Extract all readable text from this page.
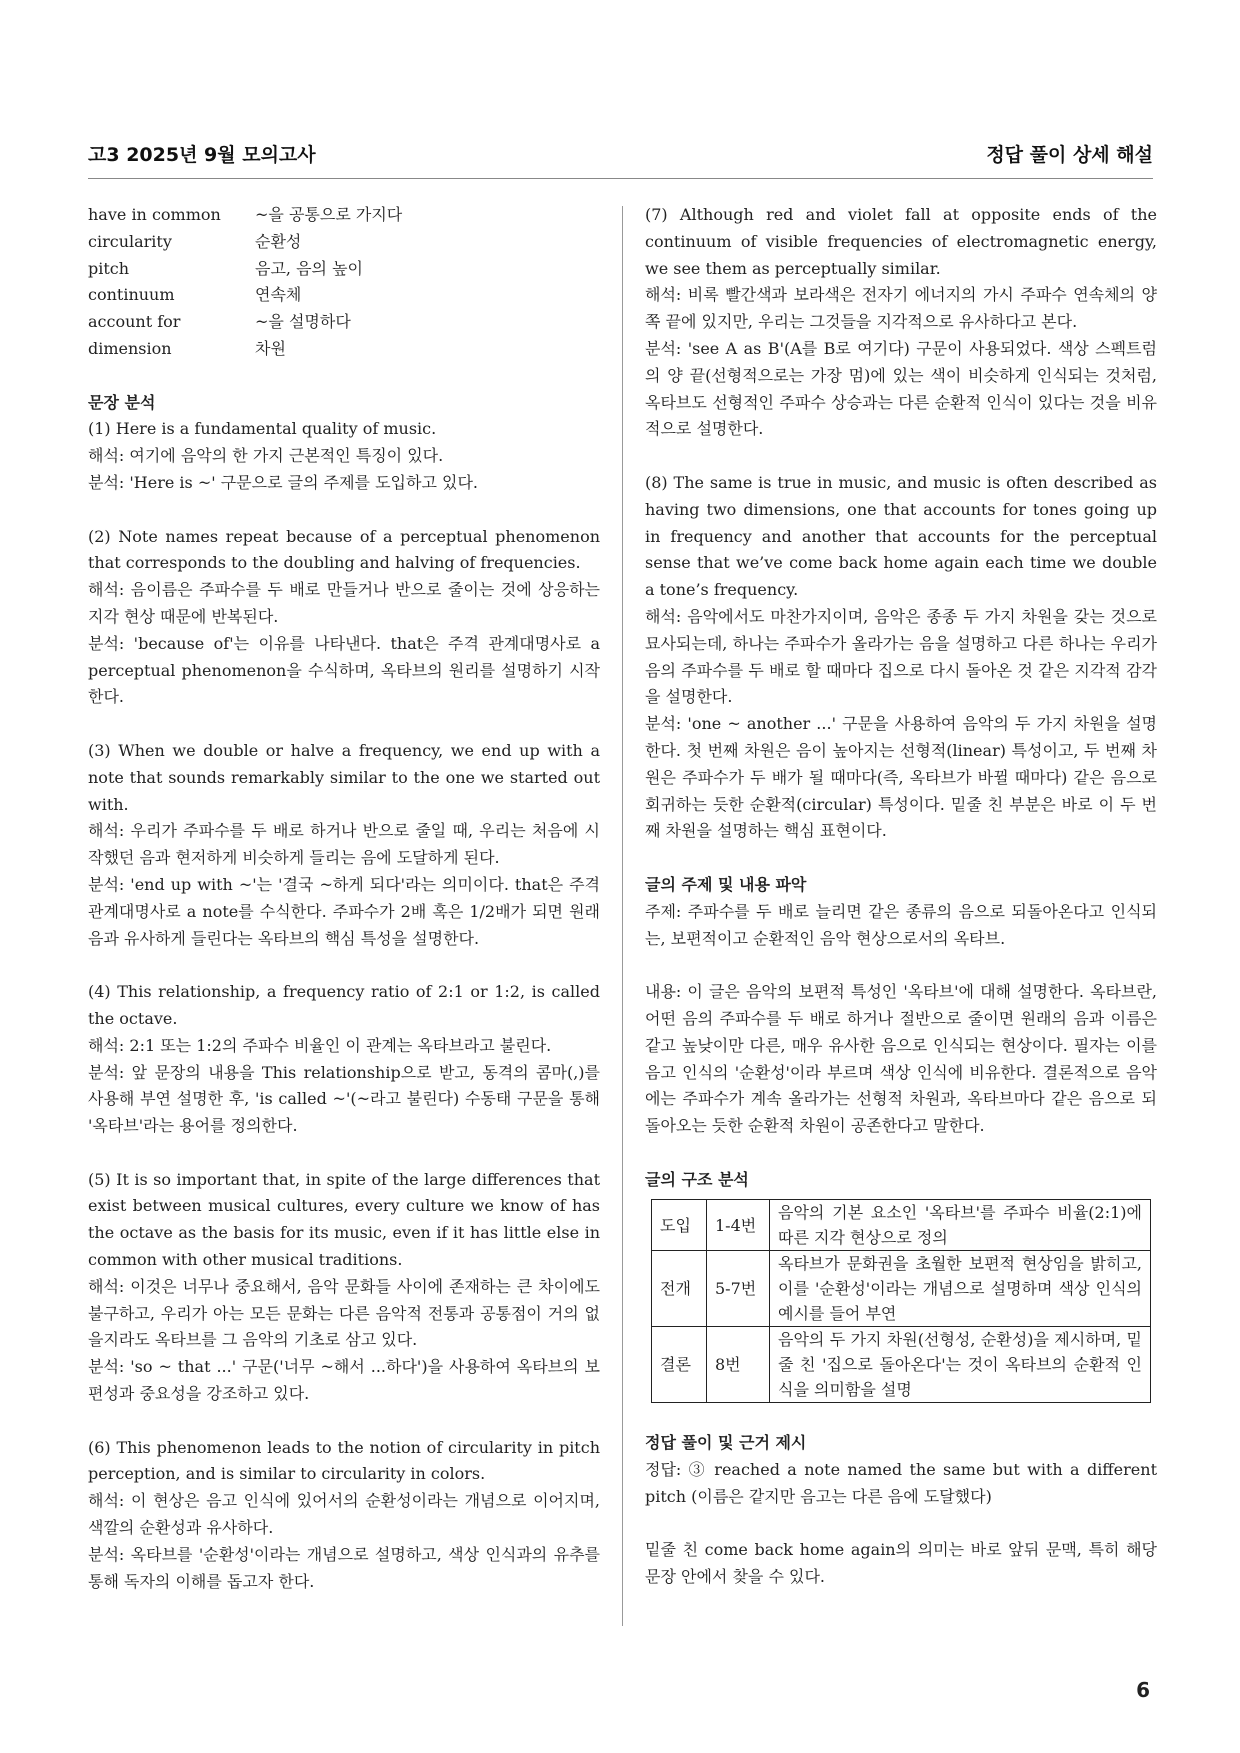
고3 2025년 9월 모의고사	정답 풀이 상세 해설
have in common	~을 공통으로 가지다
circularity	순환성
pitch	음고, 음의 높이
continuum	연속체
account for	~을 설명하다
dimension	차원
문장 분석

(1) Here is a fundamental quality of music.
해석: 여기에 음악의 한 가지 근본적인 특징이 있다.
분석: 'Here is ~' 구문으로 글의 주제를 도입하고 있다.

(2) Note names repeat because of a perceptual phenomenon that corresponds to the doubling and halving of frequencies.
해석: 음이름은 주파수를 두 배로 만들거나 반으로 줄이는 것에 상응하는 지각 현상 때문에 반복된다.
분석: 'because of'는 이유를 나타낸다. that은 주격 관계대명사로 a perceptual phenomenon을 수식하며, 옥타브의 원리를 설명하기 시작한다.

(3) When we double or halve a frequency, we end up with a note that sounds remarkably similar to the one we started out with.
해석: 우리가 주파수를 두 배로 하거나 반으로 줄일 때, 우리는 처음에 시작했던 음과 현저하게 비슷하게 들리는 음에 도달하게 된다.
분석: 'end up with ~'는 '결국 ~하게 되다'라는 의미이다. that은 주격 관계대명사로 a note를 수식한다. 주파수가 2배 혹은 1/2배가 되면 원래 음과 유사하게 들린다는 옥타브의 핵심 특성을 설명한다.

(4) This relationship, a frequency ratio of 2:1 or 1:2, is called the octave.
해석: 2:1 또는 1:2의 주파수 비율인 이 관계는 옥타브라고 불린다.
분석: 앞 문장의 내용을 This relationship으로 받고, 동격의 콤마(,)를 사용해 부연 설명한 후, 'is called ~'(~라고 불린다) 수동태 구문을 통해 '옥타브'라는 용어를 정의한다.

(5) It is so important that, in spite of the large differences that exist between musical cultures, every culture we know of has the octave as the basis for its music, even if it has little else in common with other musical traditions.
해석: 이것은 너무나 중요해서, 음악 문화들 사이에 존재하는 큰 차이에도 불구하고, 우리가 아는 모든 문화는 다른 음악적 전통과 공통점이 거의 없을지라도 옥타브를 그 음악의 기초로 삼고 있다.
분석: 'so ~ that ...' 구문('너무 ~해서 ...하다')을 사용하여 옥타브의 보편성과 중요성을 강조하고 있다.

(6) This phenomenon leads to the notion of circularity in pitch perception, and is similar to circularity in colors.
해석: 이 현상은 음고 인식에 있어서의 순환성이라는 개념으로 이어지며, 색깔의 순환성과 유사하다.
분석: 옥타브를 '순환성'이라는 개념으로 설명하고, 색상 인식과의 유추를 통해 독자의 이해를 돕고자 한다.

(7) Although red and violet fall at opposite ends of the continuum of visible frequencies of electromagnetic energy, we see them as perceptually similar.
해석: 비록 빨간색과 보라색은 전자기 에너지의 가시 주파수 연속체의 양쪽 끝에 있지만, 우리는 그것들을 지각적으로 유사하다고 본다.
분석: 'see A as B'(A를 B로 여기다) 구문이 사용되었다. 색상 스펙트럼의 양 끝(선형적으로는 가장 멈)에 있는 색이 비슷하게 인식되는 것처럼, 옥타브도 선형적인 주파수 상승과는 다른 순환적 인식이 있다는 것을 비유적으로 설명한다.

(8) The same is true in music, and music is often described as having two dimensions, one that accounts for tones going up in frequency and another that accounts for the perceptual sense that we’ve come back home again each time we double a tone’s frequency.
해석: 음악에서도 마찬가지이며, 음악은 종종 두 가지 차원을 갖는 것으로 묘사되는데, 하나는 주파수가 올라가는 음을 설명하고 다른 하나는 우리가 음의 주파수를 두 배로 할 때마다 집으로 다시 돌아온 것 같은 지각적 감각을 설명한다.
분석: 'one ~ another ...' 구문을 사용하여 음악의 두 가지 차원을 설명한다. 첫 번째 차원은 음이 높아지는 선형적(linear) 특성이고, 두 번째 차원은 주파수가 두 배가 될 때마다(즉, 옥타브가 바뀔 때마다) 같은 음으로 회귀하는 듯한 순환적(circular) 특성이다. 밑줄 친 부분은 바로 이 두 번째 차원을 설명하는 핵심 표현이다.

글의 주제 및 내용 파악

주제: 주파수를 두 배로 늘리면 같은 종류의 음으로 되돌아온다고 인식되는, 보편적이고 순환적인 음악 현상으로서의 옥타브.

내용: 이 글은 음악의 보편적 특성인 '옥타브'에 대해 설명한다. 옥타브란, 어떤 음의 주파수를 두 배로 하거나 절반으로 줄이면 원래의 음과 이름은 같고 높낮이만 다른, 매우 유사한 음으로 인식되는 현상이다. 필자는 이를 음고 인식의 '순환성'이라 부르며 색상 인식에 비유한다. 결론적으로 음악에는 주파수가 계속 올라가는 선형적 차원과, 옥타브마다 같은 음으로 되돌아오는 듯한 순환적 차원이 공존한다고 말한다.

글의 구조 분석
도입	1-4번	음악의 기본 요소인 '옥타브'를 주파수 비율(2:1)에 따른 지각 현상으로 정의
전개	5-7번	옥타브가 문화권을 초월한 보편적 현상임을 밝히고, 이를 '순환성'이라는 개념으로 설명하며 색상 인식의 예시를 들어 부연
결론	8번	음악의 두 가지 차원(선형성, 순환성)을 제시하며, 밑줄 친 '집으로 돌아온다'는 것이 옥타브의 순환적 인식을 의미함을 설명
정답 풀이 및 근거 제시

정답: ③ reached a note named the same but with a different pitch (이름은 같지만 음고는 다른 음에 도달했다)

밑줄 친 come back home again의 의미는 바로 앞뒤 문맥, 특히 해당 문장 안에서 찾을 수 있다.

6
